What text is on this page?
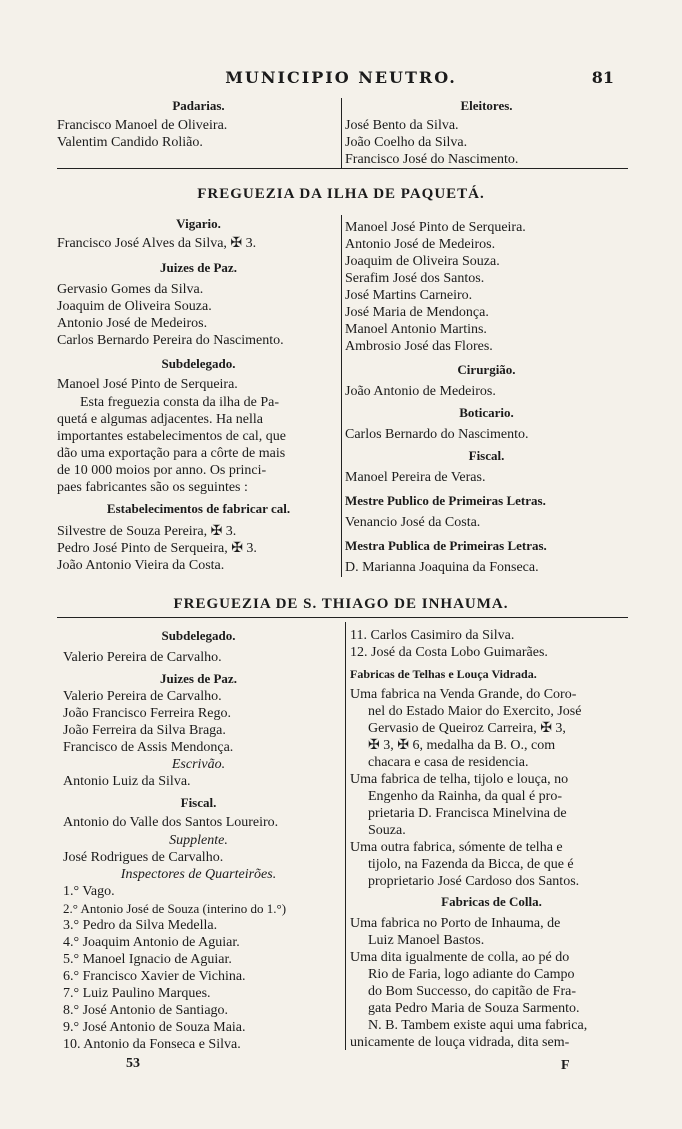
MUNICIPIO NEUTRO.	81
Padarias.
Francisco Manoel de Oliveira.
Valentim Candido Rolião.
Eleitores.
José Bento da Silva.
João Coelho da Silva.
Francisco José do Nascimento.
FREGUEZIA DA ILHA DE PAQUETÁ.
Vigario.
Francisco José Alves da Silva, ✠ 3.
Juizes de Paz.
Gervasio Gomes da Silva.
Joaquim de Oliveira Souza.
Antonio José de Medeiros.
Carlos Bernardo Pereira do Nascimento.
Subdelegado.
Manoel José Pinto de Serqueira.
Esta freguezia consta da ilha de Pa-
quetá e algumas adjacentes. Ha nella
importantes estabelecimentos de cal, que
dão uma exportação para a côrte de mais
de 10 000 moios por anno. Os princi-
paes fabricantes são os seguintes :
Estabelecimentos de fabricar cal.
Silvestre de Souza Pereira, ✠ 3.
Pedro José Pinto de Serqueira, ✠ 3.
João Antonio Vieira da Costa.
Manoel José Pinto de Serqueira.
Antonio José de Medeiros.
Joaquim de Oliveira Souza.
Serafim José dos Santos.
José Martins Carneiro.
José Maria de Mendonça.
Manoel Antonio Martins.
Ambrosio José das Flores.
Cirurgião.
João Antonio de Medeiros.
Boticario.
Carlos Bernardo do Nascimento.
Fiscal.
Manoel Pereira de Veras.
Mestre Publico de Primeiras Letras.
Venancio José da Costa.
Mestra Publica de Primeiras Letras.
D. Marianna Joaquina da Fonseca.
FREGUEZIA DE S. THIAGO DE INHAUMA.
Subdelegado.
Valerio Pereira de Carvalho.
Juizes de Paz.
Valerio Pereira de Carvalho.
João Francisco Ferreira Rego.
João Ferreira da Silva Braga.
Francisco de Assis Mendonça.
Escrivão.
Antonio Luiz da Silva.
Fiscal.
Antonio do Valle dos Santos Loureiro.
Supplente.
José Rodrigues de Carvalho.
Inspectores de Quarteirões.
1.° Vago.
2.° Antonio José de Souza (interino do 1.°)
3.° Pedro da Silva Medella.
4.° Joaquim Antonio de Aguiar.
5.° Manoel Ignacio de Aguiar.
6.° Francisco Xavier de Vichina.
7.° Luiz Paulino Marques.
8.° José Antonio de Santiago.
9.° José Antonio de Souza Maia.
10. Antonio da Fonseca e Silva.
11. Carlos Casimiro da Silva.
12. José da Costa Lobo Guimarães.
Fabricas de Telhas e Louça Vidrada.
Uma fabrica na Venda Grande, do Coro-
nel do Estado Maior do Exercito, José
Gervasio de Queiroz Carreira, ✠ 3,
✠ 3, ✠ 6, medalha da B. O., com
chacara e casa de residencia.
Uma fabrica de telha, tijolo e louça, no
Engenho da Rainha, da qual é pro-
prietaria D. Francisca Minelvina de
Souza.
Uma outra fabrica, sómente de telha e
tijolo, na Fazenda da Bicca, de que é
proprietario José Cardoso dos Santos.
Fabricas de Colla.
Uma fabrica no Porto de Inhauma, de
Luiz Manoel Bastos.
Uma dita igualmente de colla, ao pé do
Rio de Faria, logo adiante do Campo
do Bom Successo, do capitão de Fra-
gata Pedro Maria de Souza Sarmento.
N. B. Tambem existe aqui uma fabrica,
unicamente de louça vidrada, dita sem-
53	F
